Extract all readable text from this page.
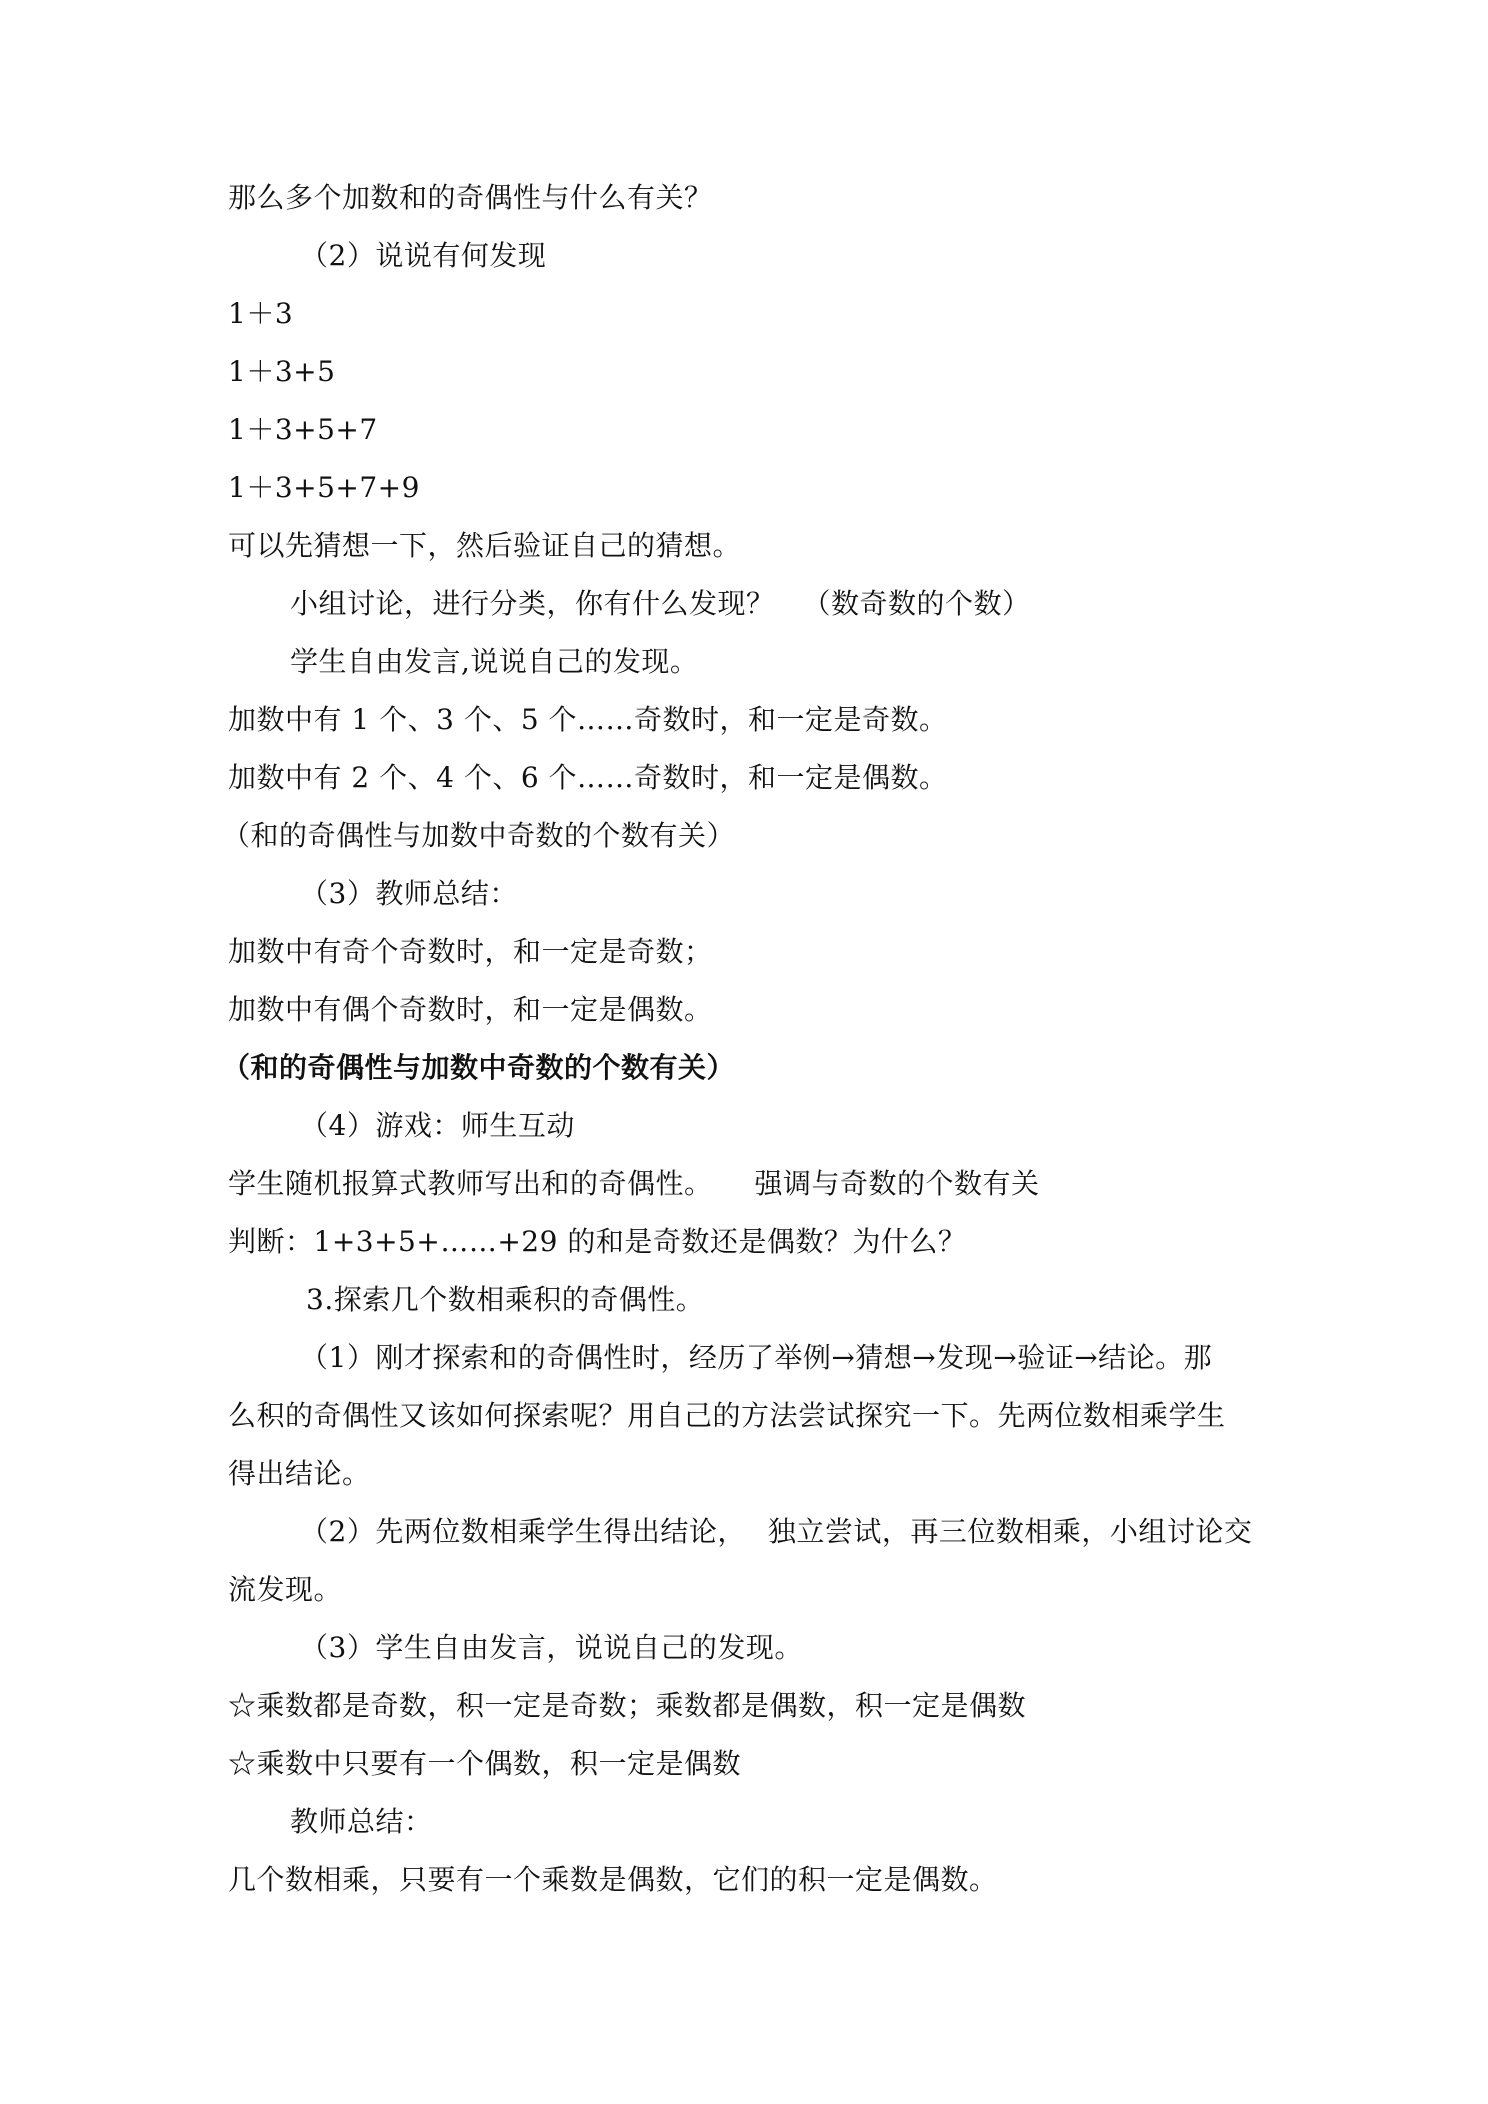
那么多个加数和的奇偶性与什么有关？
（2）说说有何发现
1＋3
1＋3+5
1＋3+5+7
1＋3+5+7+9
可以先猜想一下，然后验证自己的猜想。
小组讨论，进行分类，你有什么发现？ （数奇数的个数）
学生自由发言,说说自己的发现。
加数中有 1 个、3 个、5 个……奇数时，和一定是奇数。
加数中有 2 个、4 个、6 个……奇数时，和一定是偶数。
（和的奇偶性与加数中奇数的个数有关）
（3）教师总结：
加数中有奇个奇数时，和一定是奇数；
加数中有偶个奇数时，和一定是偶数。
（和的奇偶性与加数中奇数的个数有关）
（4）游戏：师生互动
学生随机报算式教师写出和的奇偶性。 强调与奇数的个数有关
判断：1+3+5+……+29 的和是奇数还是偶数？为什么？
3.探索几个数相乘积的奇偶性。
（1）刚才探索和的奇偶性时，经历了举例→猜想→发现→验证→结论。那
么积的奇偶性又该如何探索呢？用自己的方法尝试探究一下。先两位数相乘学生
得出结论。
（2）先两位数相乘学生得出结论， 独立尝试，再三位数相乘，小组讨论交
流发现。
（3）学生自由发言，说说自己的发现。
☆乘数都是奇数，积一定是奇数；乘数都是偶数，积一定是偶数
☆乘数中只要有一个偶数，积一定是偶数
教师总结：
几个数相乘，只要有一个乘数是偶数，它们的积一定是偶数。
